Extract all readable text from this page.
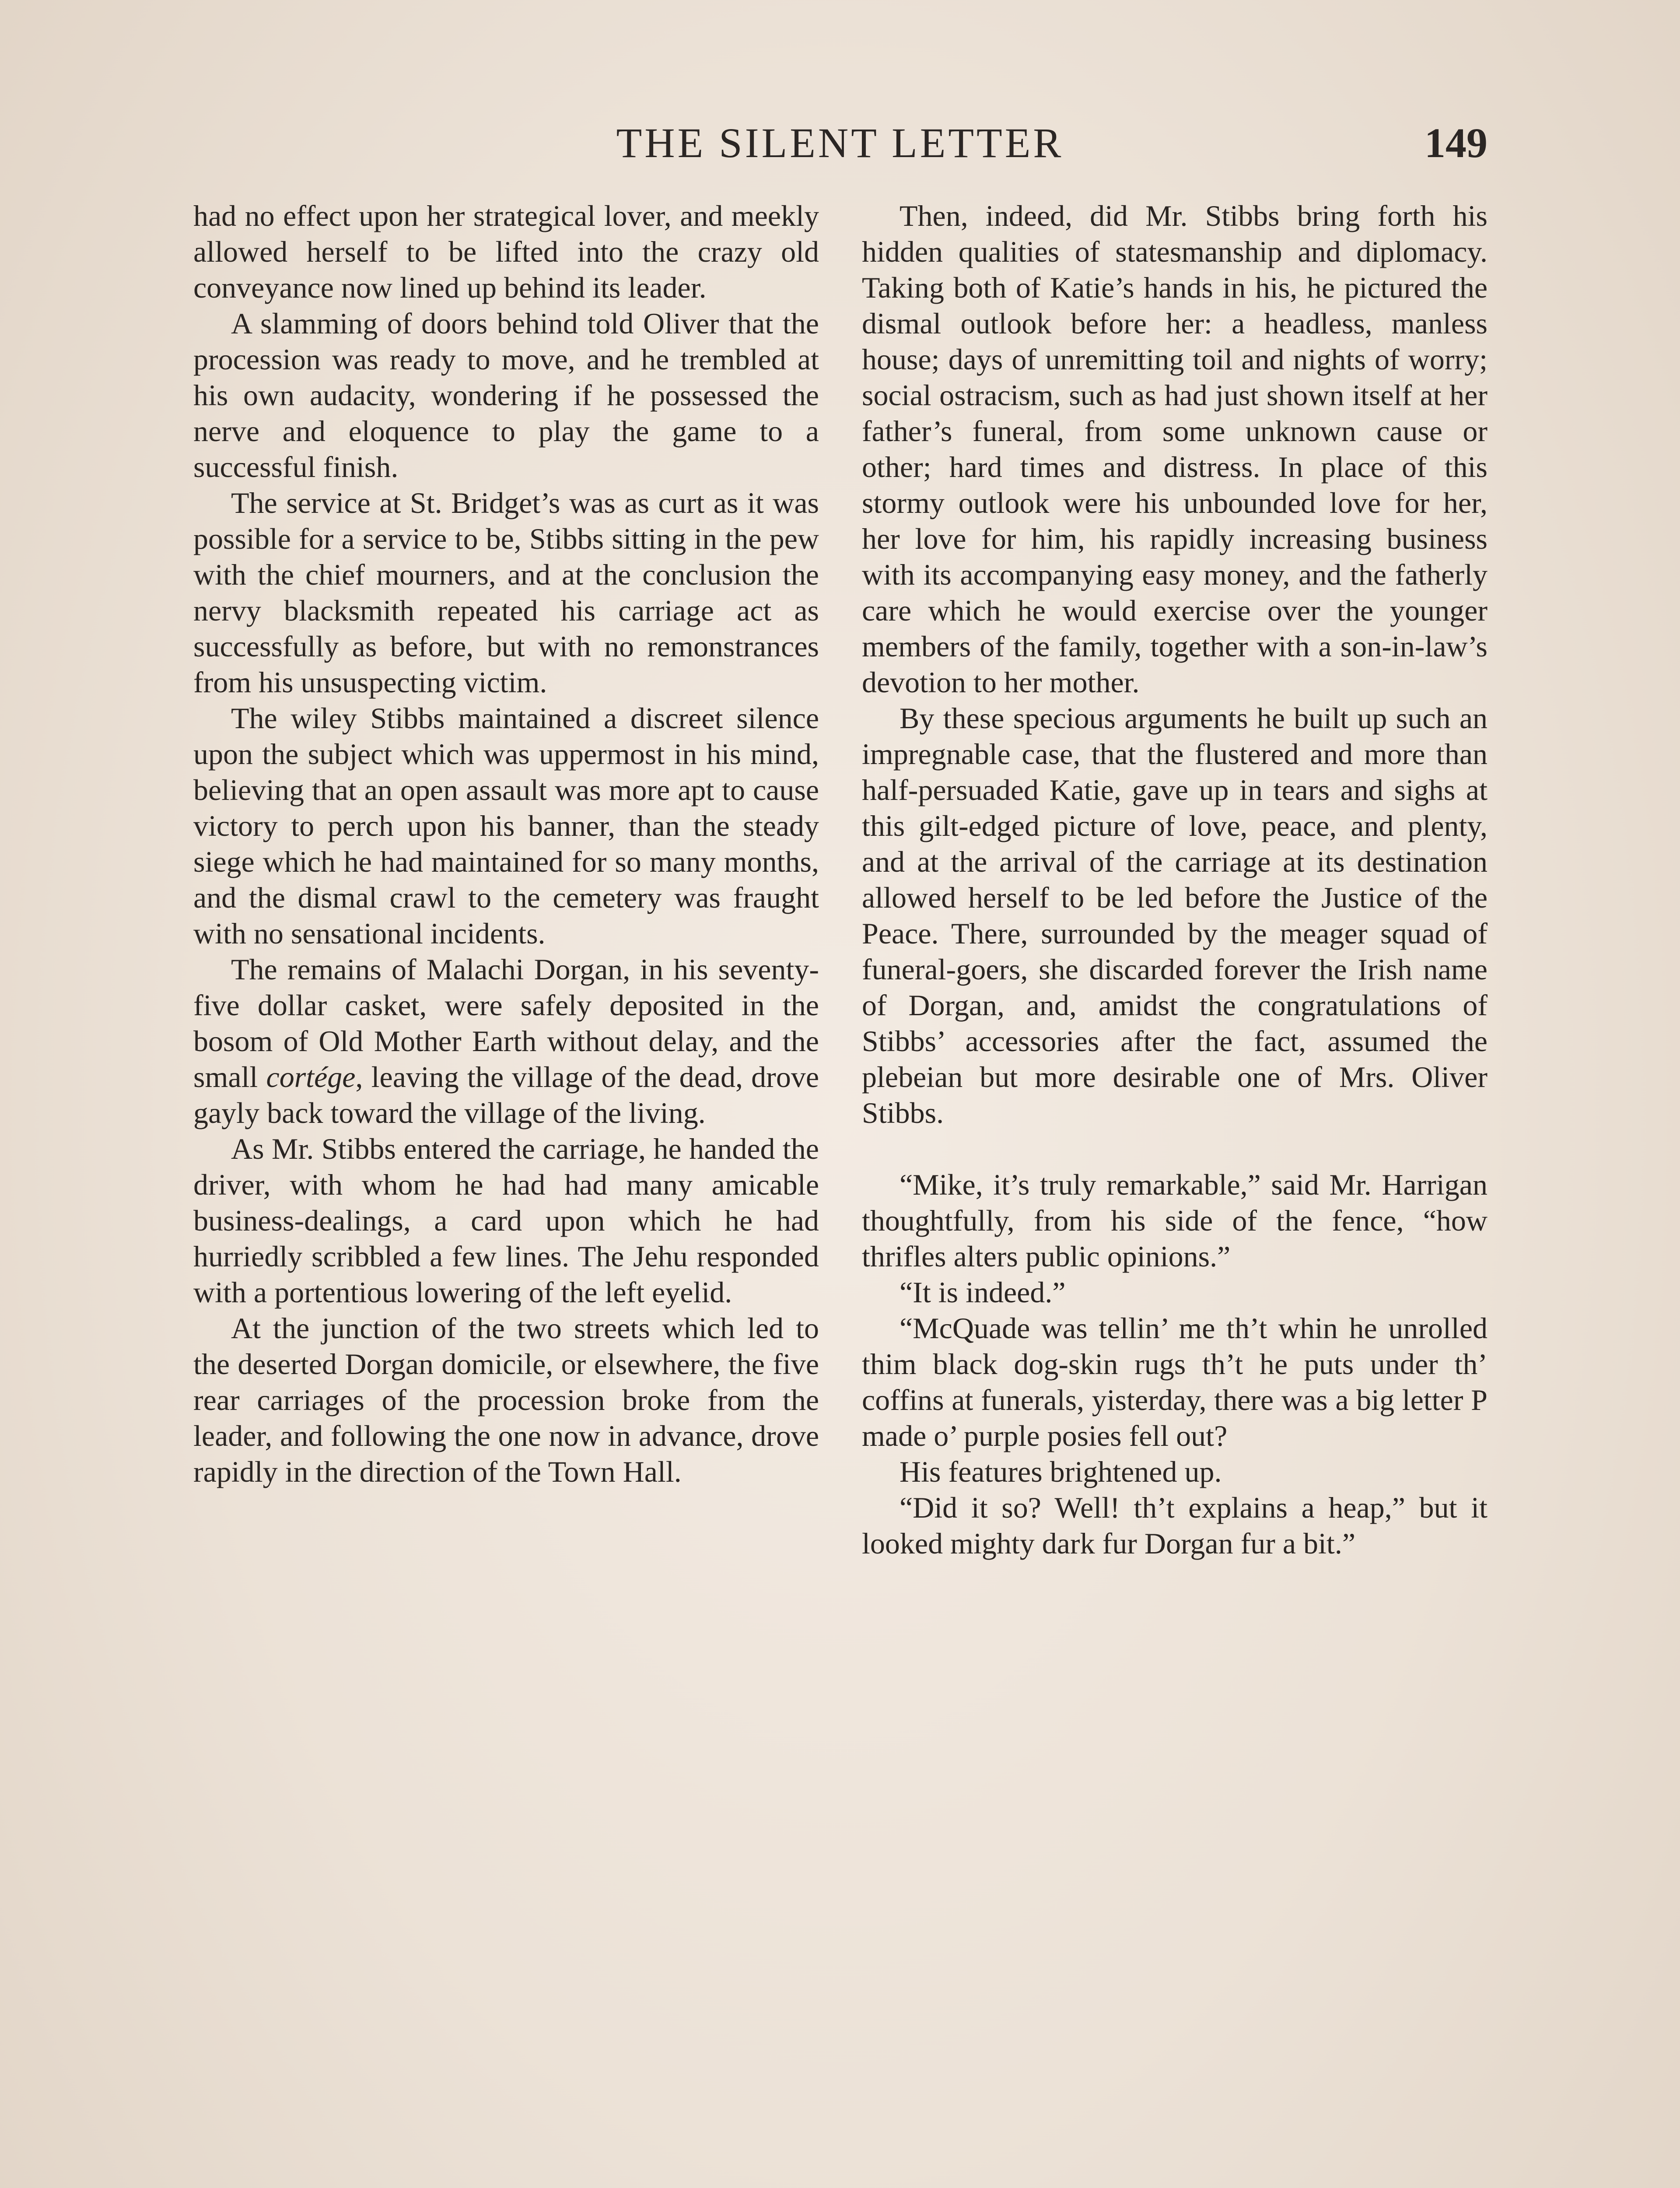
THE SILENT LETTER	149

had no effect upon her strategical lover, and meekly allowed herself to be lifted into the crazy old conveyance now lined up behind its leader.

A slamming of doors behind told Oliver that the procession was ready to move, and he trembled at his own audacity, wondering if he possessed the nerve and eloquence to play the game to a successful finish.

The service at St. Bridget’s was as curt as it was possible for a service to be, Stibbs sitting in the pew with the chief mourners, and at the conclusion the nervy blacksmith repeated his carriage act as successfully as before, but with no remonstrances from his unsuspecting victim.

The wiley Stibbs maintained a discreet silence upon the subject which was uppermost in his mind, believing that an open assault was more apt to cause victory to perch upon his banner, than the steady siege which he had maintained for so many months, and the dismal crawl to the cemetery was fraught with no sensational incidents.

The remains of Malachi Dorgan, in his seventy-five dollar casket, were safely deposited in the bosom of Old Mother Earth without delay, and the small cortége, leaving the village of the dead, drove gayly back toward the village of the living.

As Mr. Stibbs entered the carriage, he handed the driver, with whom he had had many amicable business-dealings, a card upon which he had hurriedly scribbled a few lines. The Jehu responded with a portentious lowering of the left eyelid.

At the junction of the two streets which led to the deserted Dorgan domicile, or elsewhere, the five rear carriages of the procession broke from the leader, and following the one now in advance, drove rapidly in the direction of the Town Hall.

Then, indeed, did Mr. Stibbs bring forth his hidden qualities of statesmanship and diplomacy. Taking both of Katie’s hands in his, he pictured the dismal outlook before her: a headless, manless house; days of unremitting toil and nights of worry; social ostracism, such as had just shown itself at her father’s funeral, from some unknown cause or other; hard times and distress. In place of this stormy outlook were his unbounded love for her, her love for him, his rapidly increasing business with its accompanying easy money, and the fatherly care which he would exercise over the younger members of the family, together with a son-in-law’s devotion to her mother.

By these specious arguments he built up such an impregnable case, that the flustered and more than half-persuaded Katie, gave up in tears and sighs at this gilt-edged picture of love, peace, and plenty, and at the arrival of the carriage at its destination allowed herself to be led before the Justice of the Peace. There, surrounded by the meager squad of funeral-goers, she discarded forever the Irish name of Dorgan, and, amidst the congratulations of Stibbs’ accessories after the fact, assumed the plebeian but more desirable one of Mrs. Oliver Stibbs.

“Mike, it’s truly remarkable,” said Mr. Harrigan thoughtfully, from his side of the fence, “how thrifles alters public opinions.”

“It is indeed.”

“McQuade was tellin’ me th’t whin he unrolled thim black dog-skin rugs th’t he puts under th’ coffins at funerals, yisterday, there was a big letter P made o’ purple posies fell out?

His features brightened up.

“Did it so? Well! th’t explains a heap,” but it looked mighty dark fur Dorgan fur a bit.”
